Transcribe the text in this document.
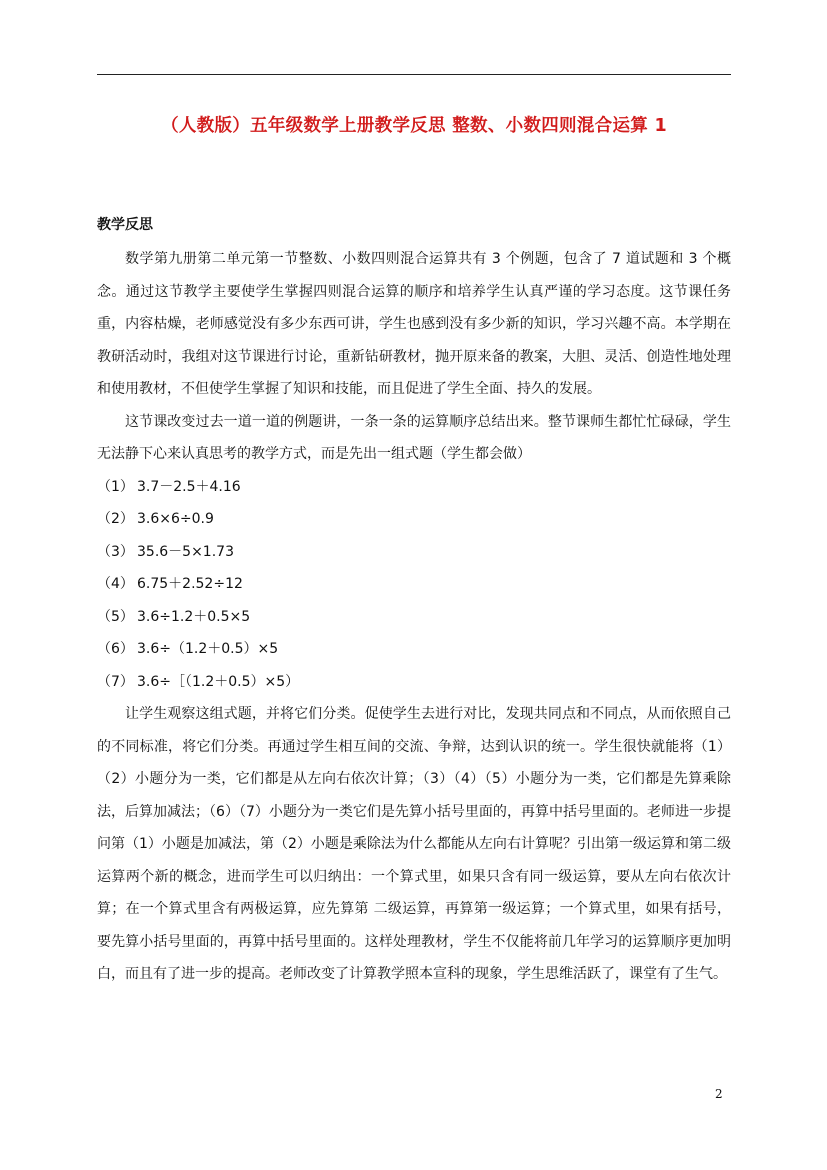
（人教版）五年级数学上册教学反思 整数、小数四则混合运算 1
教学反思

数学第九册第二单元第一节整数、小数四则混合运算共有 3 个例题，包含了 7 道试题和 3 个概念。通过这节教学主要使学生掌握四则混合运算的顺序和培养学生认真严谨的学习态度。这节课任务重，内容枯燥，老师感觉没有多少东西可讲，学生也感到没有多少新的知识，学习兴趣不高。本学期在教研活动时，我组对这节课进行讨论，重新钻研教材，抛开原来备的教案，大胆、灵活、创造性地处理和使用教材，不但使学生掌握了知识和技能，而且促进了学生全面、持久的发展。

这节课改变过去一道一道的例题讲，一条一条的运算顺序总结出来。整节课师生都忙忙碌碌，学生无法静下心来认真思考的教学方式，而是先出一组式题（学生都会做）

（1） 3.7－2.5＋4.16

（2） 3.6×6÷0.9

（3） 35.6－5×1.73

（4） 6.75＋2.52÷12

（5） 3.6÷1.2＋0.5×5

（6） 3.6÷（1.2＋0.5）×5

（7） 3.6÷［（1.2＋0.5）×5）

让学生观察这组式题，并将它们分类。促使学生去进行对比，发现共同点和不同点，从而依照自己的不同标准，将它们分类。再通过学生相互间的交流、争辩，达到认识的统一。学生很快就能将（1）（2）小题分为一类，它们都是从左向右依次计算；（3）（4）（5）小题分为一类，它们都是先算乘除法，后算加减法；（6）（7）小题分为一类它们是先算小括号里面的，再算中括号里面的。老师进一步提问第（1）小题是加减法，第（2）小题是乘除法为什么都能从左向右计算呢？引出第一级运算和第二级运算两个新的概念，进而学生可以归纳出：一个算式里，如果只含有同一级运算，要从左向右依次计算；在一个算式里含有两极运算，应先算第 二级运算，再算第一级运算；一个算式里，如果有括号，要先算小括号里面的，再算中括号里面的。这样处理教材，学生不仅能将前几年学习的运算顺序更加明白，而且有了进一步的提高。老师改变了计算教学照本宣科的现象，学生思维活跃了，课堂有了生气。

2
